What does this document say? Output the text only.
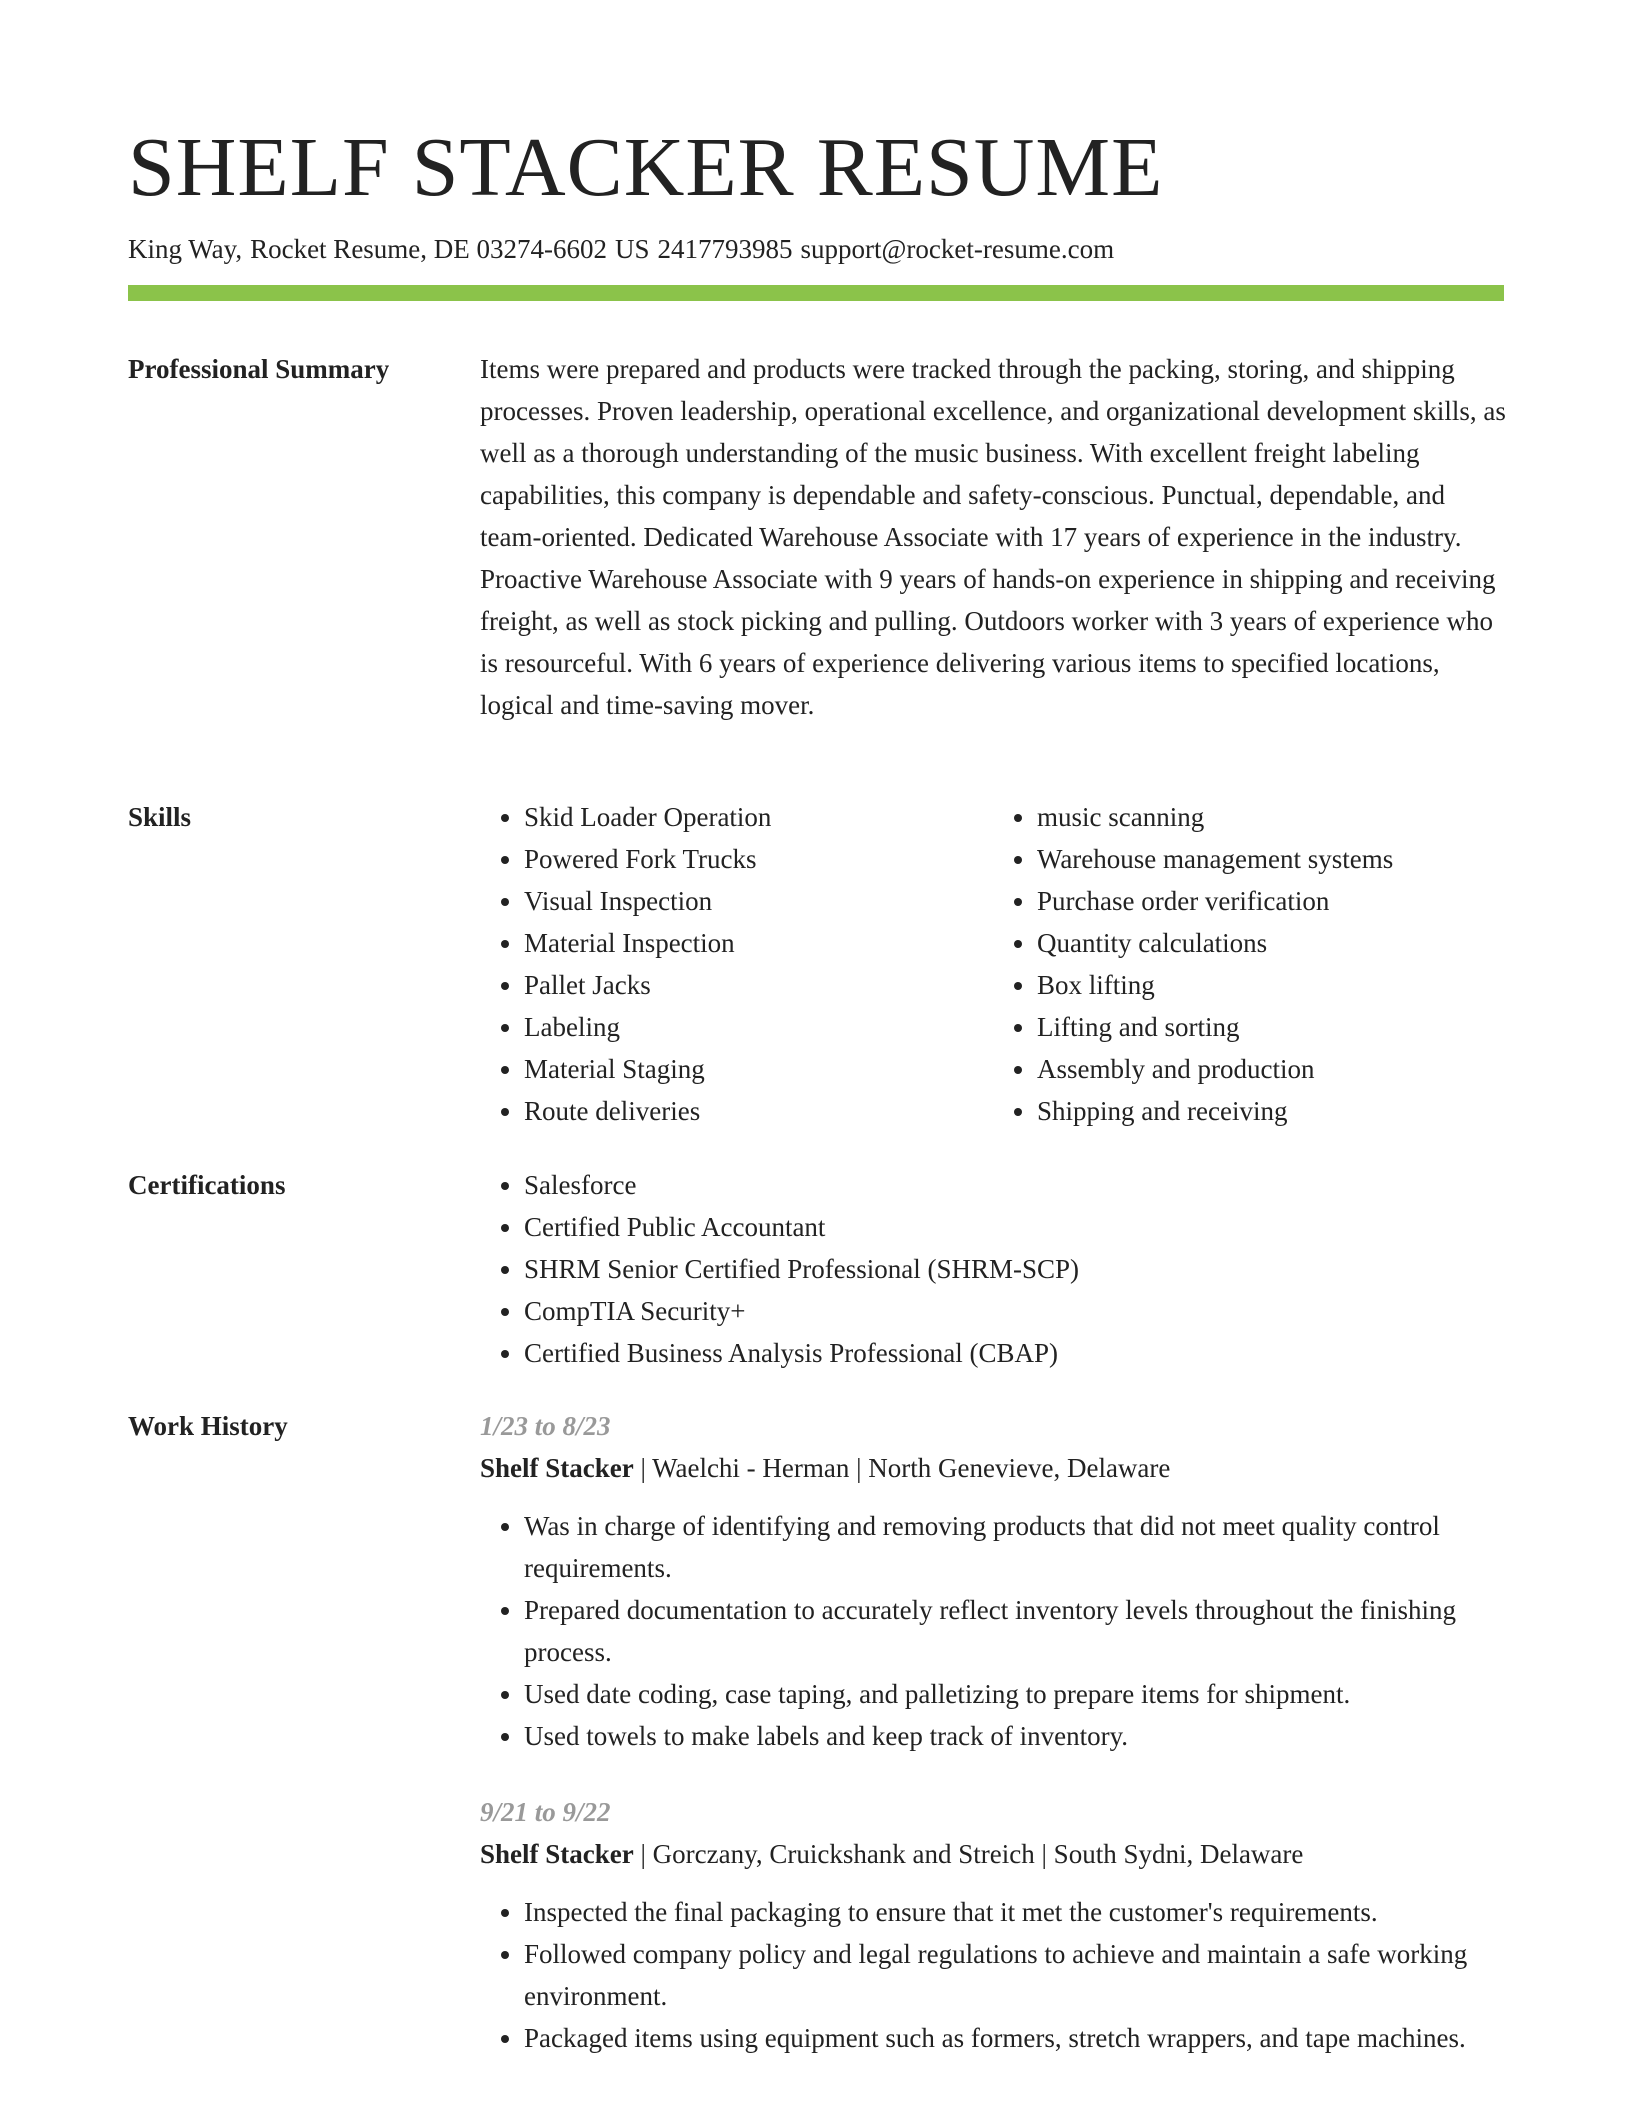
SHELF STACKER RESUME
King Way, Rocket Resume, DE 03274-6602 US 2417793985 support@rocket-resume.com
Professional Summary	Items were prepared and products were tracked through the packing, storing, and shipping processes. Proven leadership, operational excellence, and organizational development skills, as well as a thorough understanding of the music business. With excellent freight labeling capabilities, this company is dependable and safety-conscious. Punctual, dependable, and team-oriented. Dedicated Warehouse Associate with 17 years of experience in the industry. Proactive Warehouse Associate with 9 years of hands-on experience in shipping and receiving freight, as well as stock picking and pulling. Outdoors worker with 3 years of experience who is resourceful. With 6 years of experience delivering various items to specified locations, logical and time-saving mover.

Skills	• Skid Loader Operation
• Powered Fork Trucks
• Visual Inspection
• Material Inspection
• Pallet Jacks
• Labeling
• Material Staging
• Route deliveries
• music scanning
• Warehouse management systems
• Purchase order verification
• Quantity calculations
• Box lifting
• Lifting and sorting
• Assembly and production
• Shipping and receiving
Certifications	• Salesforce
• Certified Public Accountant
• SHRM Senior Certified Professional (SHRM-SCP)
• CompTIA Security+
• Certified Business Analysis Professional (CBAP)
Work History	1/23 to 8/23
Shelf Stacker | Waelchi - Herman | North Genevieve, Delaware
• Was in charge of identifying and removing products that did not meet quality control requirements.
• Prepared documentation to accurately reflect inventory levels throughout the finishing process.
• Used date coding, case taping, and palletizing to prepare items for shipment.
• Used towels to make labels and keep track of inventory.
9/21 to 9/22
Shelf Stacker | Gorczany, Cruickshank and Streich | South Sydni, Delaware
• Inspected the final packaging to ensure that it met the customer's requirements.
• Followed company policy and legal regulations to achieve and maintain a safe working environment.
• Packaged items using equipment such as formers, stretch wrappers, and tape machines.
